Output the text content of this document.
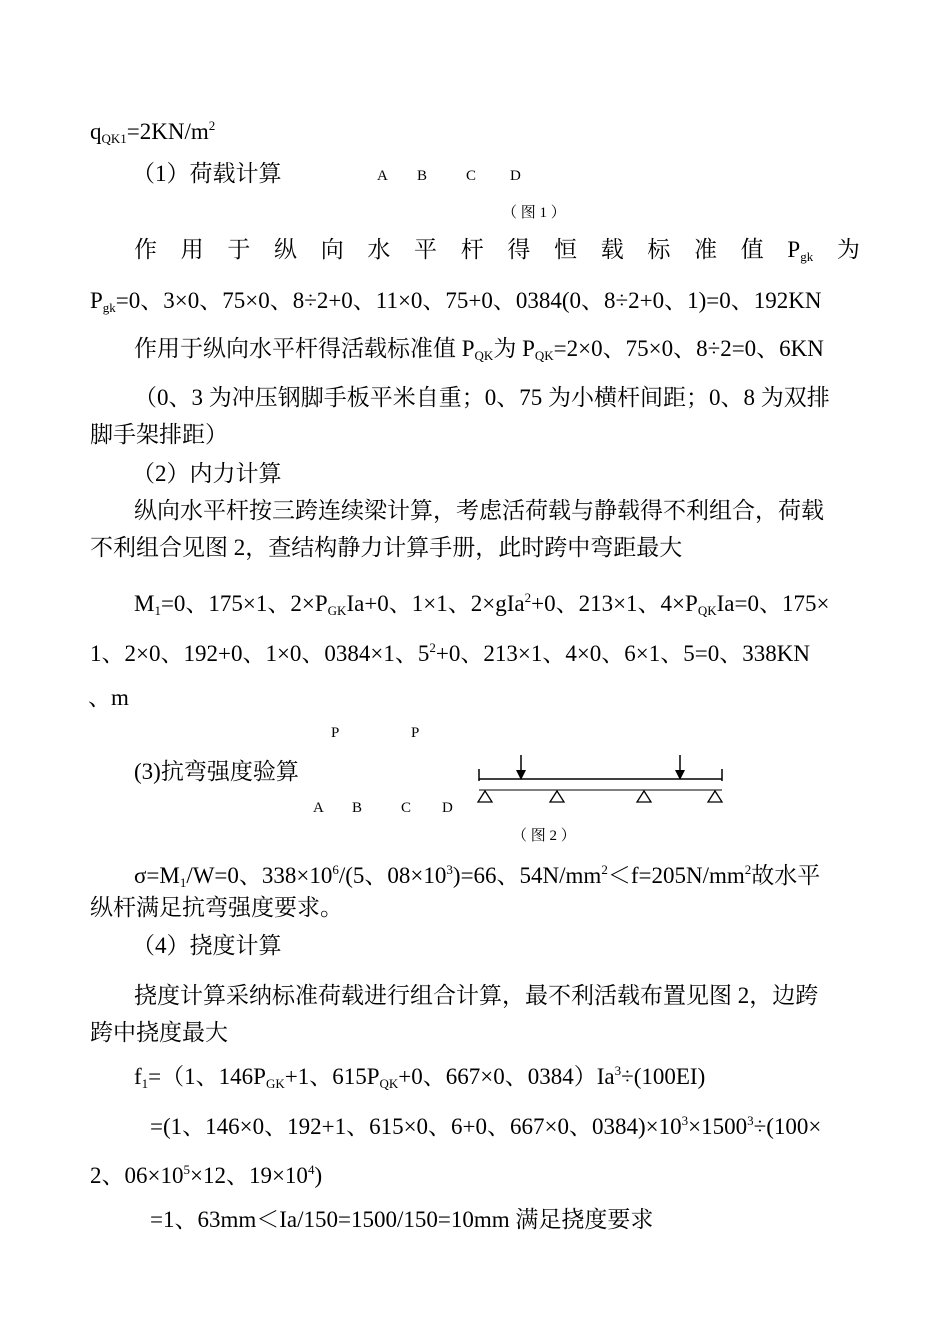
$q_{QK1}=2KN/m^2$
（1）荷载计算	A B	C D
（ 图 1 ）
作 用 于 纵 向 水 平 杆 得 恒 载 标 准 值 $P_{gk}$ 为
$P_{gk}=0$、3×0、75×0、8÷2+0、11×0、75+0、0384(0、8÷2+0、1)=0、192KN
作用于纵向水平杆得活载标准值 $P_{QK}$为 $P_{QK}=2\times 0$、75×0、8÷2=0、6KN
（0、3 为冲压钢脚手板平米自重；0、75 为小横杆间距；0、8 为双排
脚手架排距）
（2）内力计算
纵向水平杆按三跨连续梁计算，考虑活荷载与静载得不利组合，荷载
不利组合见图 2，查结构静力计算手册，此时跨中弯距最大
$M_1=0$、175×1、$2\times P_{GK}Ia+0$、1×1、2×gIa$^2$+0、213×1、$4\times P_{QK}Ia=0$、175×
1、2×0、192+0、1×0、0384×1、$5^2+0$、213×1、4×0、6×1、5=0、338KN
、m
P	P
(3)抗弯强度验算
A B	C D
（ 图 2 ）
$\sigma=M_1/W=0$、$338\times 10^6/(5$、$08\times 10^3)=66$、$54N/mm^2<f=205N/mm^2$故水平
纵杆满足抗弯强度要求。
（4）挠度计算
挠度计算采纳标准荷载进行组合计算，最不利活载布置见图 2，边跨
跨中挠度最大
$f_1=(1$、$146P_{GK}+1$、$615P_{QK}+0$、667×0、$0384)Ia^3\div(100EI)$
=(1、146×0、192+1、615×0、6+0、667×0、$0384)\times 10^3\times 1500^3\div(100\times$
2、$06\times 10^5\times 12$、$19\times 10^4$)
=1、63mm＜Ia/150=1500/150=10mm 满足挠度要求
